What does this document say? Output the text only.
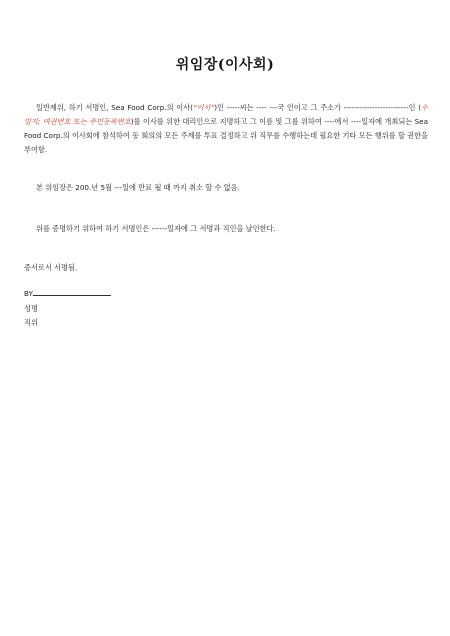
위임장(이사회)
일반제위, 하기 서명인, Sea Food Corp.의 이사(“이사”)인 -----씨는 ---- ---국 인이고 그 주소가 -------------------------인 (수임자; 여권번호 또는 주민등록번호)를 이사를 위한 대리인으로 지명하고 그 이름 및 그를 위하여 ----에서 ----일자에 개최되는 Sea Food Corp.의 이사회에 참석하여 동 회의의 모든 주제를 투표 결정하고 위 직무를 수행하는데 필요한 기타 모든 행위를 할 권한을 부여함.
본 위임장은 200.년 5월 ---일에 만료 될 때 까지 취소 할 수 없음.
위를 증명하기 위하여 하기 서명인은 ------일자에 그 서명과 직인을 날인한다.
증서로서 서명됨.
BY
성명
직위
